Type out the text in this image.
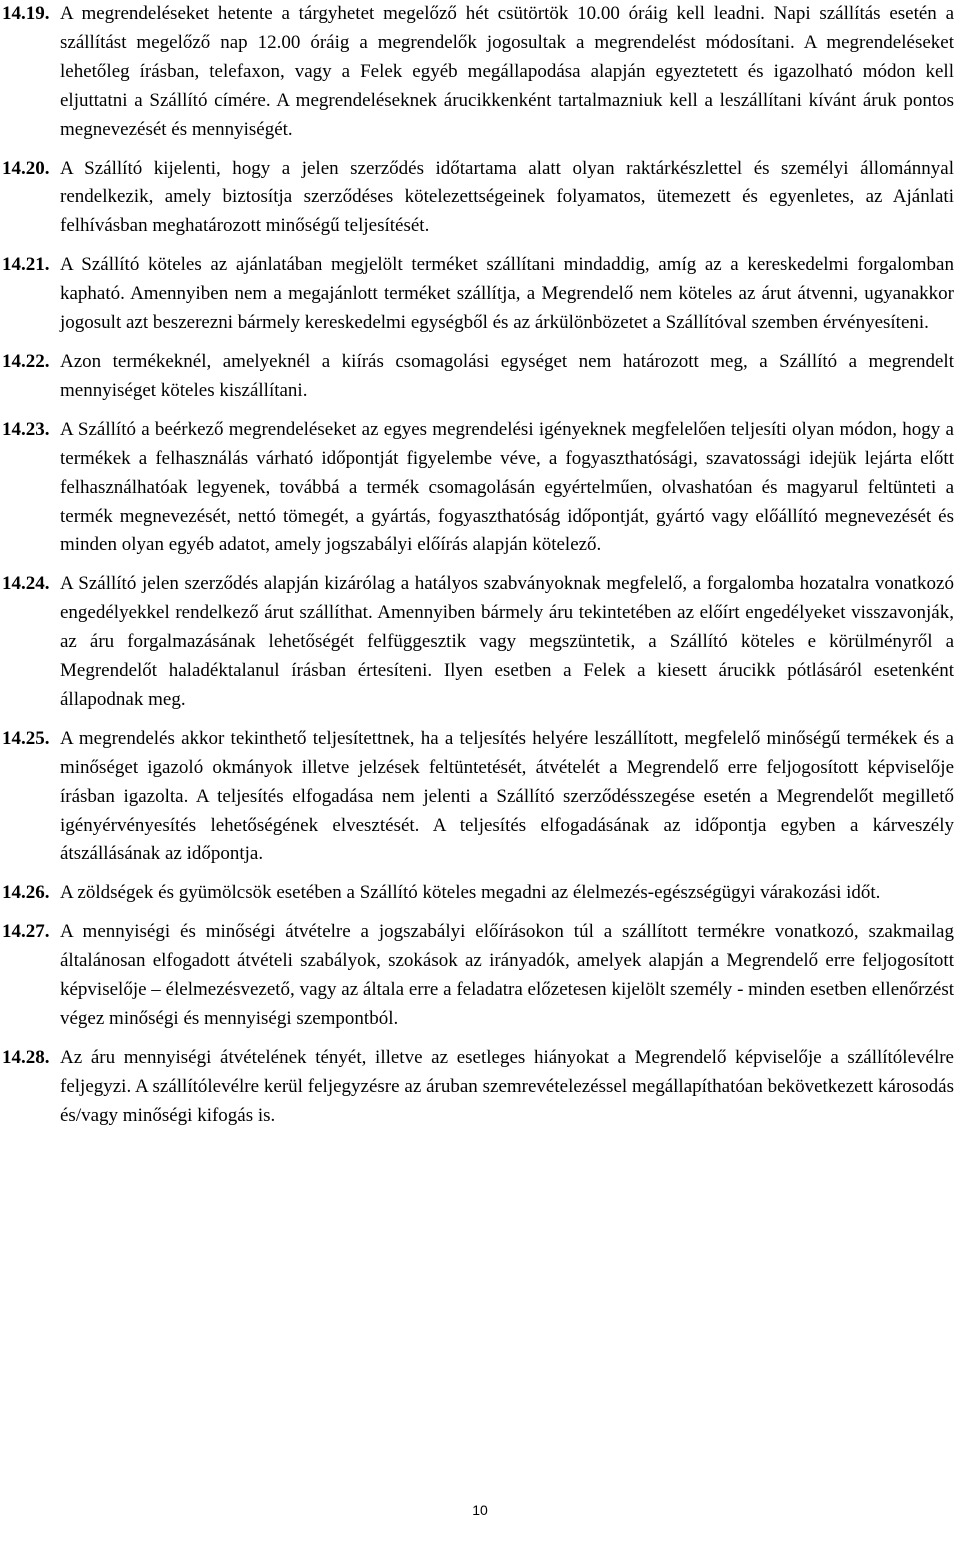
14.19. A megrendeléseket hetente a tárgyhetet megelőző hét csütörtök 10.00 óráig kell leadni. Napi szállítás esetén a szállítást megelőző nap 12.00 óráig a megrendelők jogosultak a megrendelést módosítani. A megrendeléseket lehetőleg írásban, telefaxon, vagy a Felek egyéb megállapodása alapján egyeztetett és igazolható módon kell eljuttatni a Szállító címére. A megrendeléseknek árucikkenként tartalmazniuk kell a leszállítani kívánt áruk pontos megnevezését és mennyiségét.
14.20. A Szállító kijelenti, hogy a jelen szerződés időtartama alatt olyan raktárkészlettel és személyi állománnyal rendelkezik, amely biztosítja szerződéses kötelezettségeinek folyamatos, ütemezett és egyenletes, az Ajánlati felhívásban meghatározott minőségű teljesítését.
14.21. A Szállító köteles az ajánlatában megjelölt terméket szállítani mindaddig, amíg az a kereskedelmi forgalomban kapható. Amennyiben nem a megajánlott terméket szállítja, a Megrendelő nem köteles az árut átvenni, ugyanakkor jogosult azt beszerezni bármely kereskedelmi egységből és az árkülönbözetet a Szállítóval szemben érvényesíteni.
14.22. Azon termékeknél, amelyeknél a kiírás csomagolási egységet nem határozott meg, a Szállító a megrendelt mennyiséget köteles kiszállítani.
14.23. A Szállító a beérkező megrendeléseket az egyes megrendelési igényeknek megfelelően teljesíti olyan módon, hogy a termékek a felhasználás várható időpontját figyelembe véve, a fogyaszthatósági, szavatossági idejük lejárta előtt felhasználhatóak legyenek, továbbá a termék csomagolásán egyértelműen, olvashatóan és magyarul feltünteti a termék megnevezését, nettó tömegét, a gyártás, fogyaszthatóság időpontját, gyártó vagy előállító megnevezését és minden olyan egyéb adatot, amely jogszabályi előírás alapján kötelező.
14.24. A Szállító jelen szerződés alapján kizárólag a hatályos szabványoknak megfelelő, a forgalomba hozatalra vonatkozó engedélyekkel rendelkező árut szállíthat. Amennyiben bármely áru tekintetében az előírt engedélyeket visszavonják, az áru forgalmazásának lehetőségét felfüggesztik vagy megszüntetik, a Szállító köteles e körülményről a Megrendelőt haladéktalanul írásban értesíteni. Ilyen esetben a Felek a kiesett árucikk pótlásáról esetenként állapodnak meg.
14.25. A megrendelés akkor tekinthető teljesítettnek, ha a teljesítés helyére leszállított, megfelelő minőségű termékek és a minőséget igazoló okmányok illetve jelzések feltüntetését, átvételét a Megrendelő erre feljogosított képviselője írásban igazolta. A teljesítés elfogadása nem jelenti a Szállító szerződésszegése esetén a Megrendelőt megillető igényérvényesítés lehetőségének elvesztését. A teljesítés elfogadásának az időpontja egyben a kárveszély átszállásának az időpontja.
14.26. A zöldségek és gyümölcsök esetében a Szállító köteles megadni az élelmezés-egészségügyi várakozási időt.
14.27. A mennyiségi és minőségi átvételre a jogszabályi előírásokon túl a szállított termékre vonatkozó, szakmailag általánosan elfogadott átvételi szabályok, szokások az irányadók, amelyek alapján a Megrendelő erre feljogosított képviselője – élelmezésvezető, vagy az általa erre a feladatra előzetesen kijelölt személy - minden esetben ellenőrzést végez minőségi és mennyiségi szempontból.
14.28. Az áru mennyiségi átvételének tényét, illetve az esetleges hiányokat a Megrendelő képviselője a szállítólevélre feljegyzi. A szállítólevélre kerül feljegyzésre az áruban szemrevételezéssel megállapíthatóan bekövetkezett károsodás és/vagy minőségi kifogás is.
10
